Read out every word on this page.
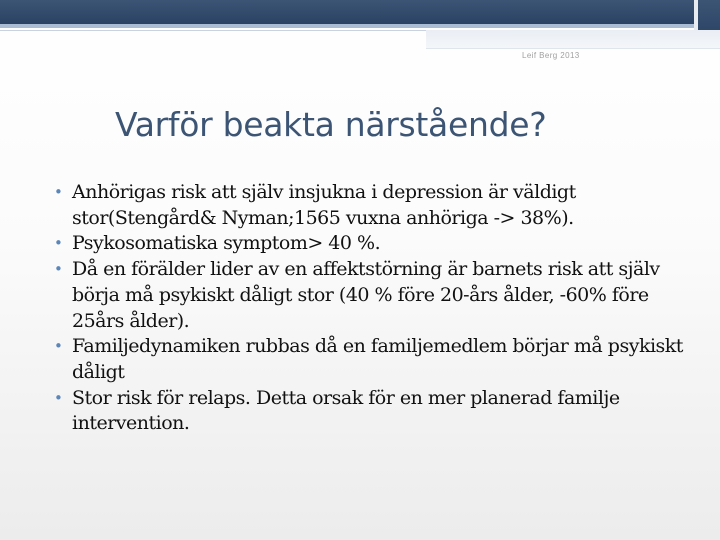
Leif Berg 2013
Varför beakta närstående?
• Anhörigas risk att själv insjukna i depression är väldigt stor(Stengård& Nyman;1565 vuxna anhöriga -> 38%).
• Psykosomatiska symptom> 40 %.
• Då en förälder lider av en affektstörning är barnets risk att själv börja må psykiskt dåligt stor (40 % före 20-års ålder, -60% före 25års ålder).
• Familjedynamiken rubbas då en familjemedlem börjar må psykiskt dåligt
• Stor risk för relaps. Detta orsak för en mer planerad familje intervention.
